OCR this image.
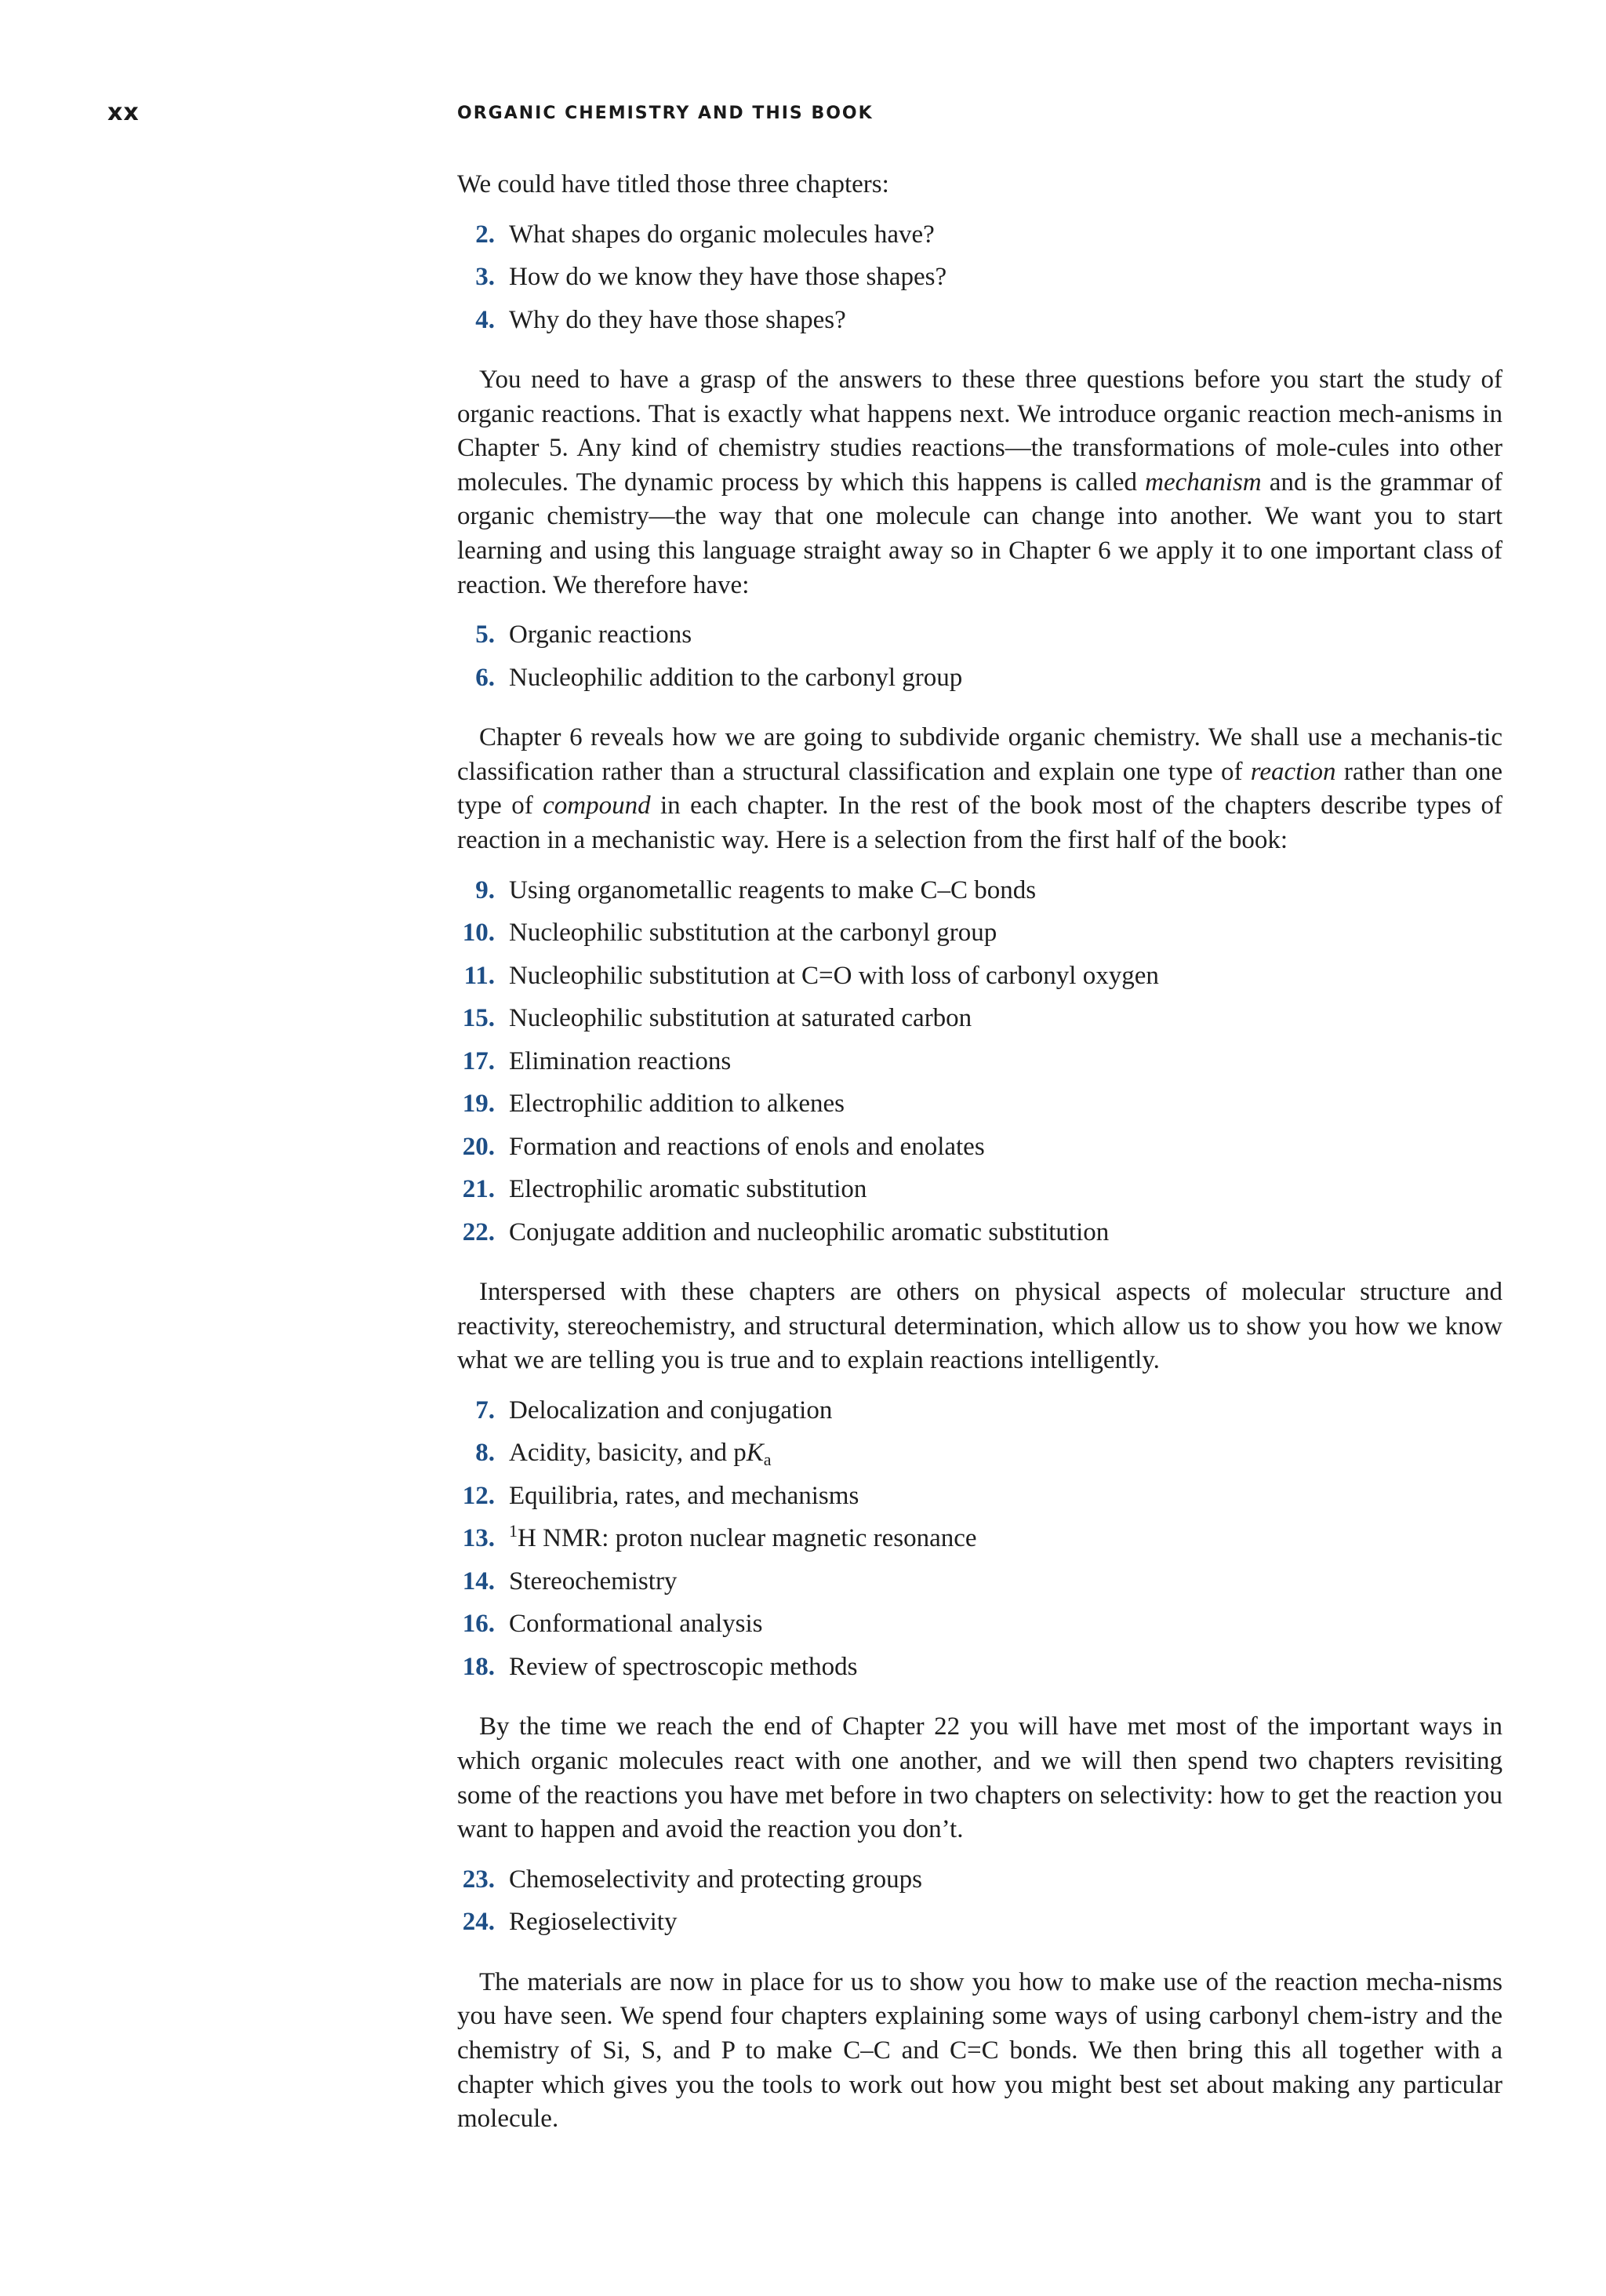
xx	ORGANIC CHEMISTRY AND THIS BOOK

We could have titled those three chapters:

2. What shapes do organic molecules have?
3. How do we know they have those shapes?
4. Why do they have those shapes?

You need to have a grasp of the answers to these three questions before you start the study of organic reactions. That is exactly what happens next. We introduce organic reaction mech-anisms in Chapter 5. Any kind of chemistry studies reactions—the transformations of mole-cules into other molecules. The dynamic process by which this happens is called mechanism and is the grammar of organic chemistry—the way that one molecule can change into another. We want you to start learning and using this language straight away so in Chapter 6 we apply it to one important class of reaction. We therefore have:

5. Organic reactions
6. Nucleophilic addition to the carbonyl group

Chapter 6 reveals how we are going to subdivide organic chemistry. We shall use a mechanis-tic classification rather than a structural classification and explain one type of reaction rather than one type of compound in each chapter. In the rest of the book most of the chapters describe types of reaction in a mechanistic way. Here is a selection from the first half of the book:

9. Using organometallic reagents to make C–C bonds
10. Nucleophilic substitution at the carbonyl group
11. Nucleophilic substitution at C=O with loss of carbonyl oxygen
15. Nucleophilic substitution at saturated carbon
17. Elimination reactions
19. Electrophilic addition to alkenes
20. Formation and reactions of enols and enolates
21. Electrophilic aromatic substitution
22. Conjugate addition and nucleophilic aromatic substitution

Interspersed with these chapters are others on physical aspects of molecular structure and reactivity, stereochemistry, and structural determination, which allow us to show you how we know what we are telling you is true and to explain reactions intelligently.

7. Delocalization and conjugation
8. Acidity, basicity, and $pK_a$
12. Equilibria, rates, and mechanisms
13. $^1$H NMR: proton nuclear magnetic resonance
14. Stereochemistry
16. Conformational analysis
18. Review of spectroscopic methods

By the time we reach the end of Chapter 22 you will have met most of the important ways in which organic molecules react with one another, and we will then spend two chapters revisiting some of the reactions you have met before in two chapters on selectivity: how to get the reaction you want to happen and avoid the reaction you don’t.

23. Chemoselectivity and protecting groups
24. Regioselectivity

The materials are now in place for us to show you how to make use of the reaction mecha-nisms you have seen. We spend four chapters explaining some ways of using carbonyl chem-istry and the chemistry of Si, S, and P to make C–C and C=C bonds. We then bring this all together with a chapter which gives you the tools to work out how you might best set about making any particular molecule.
